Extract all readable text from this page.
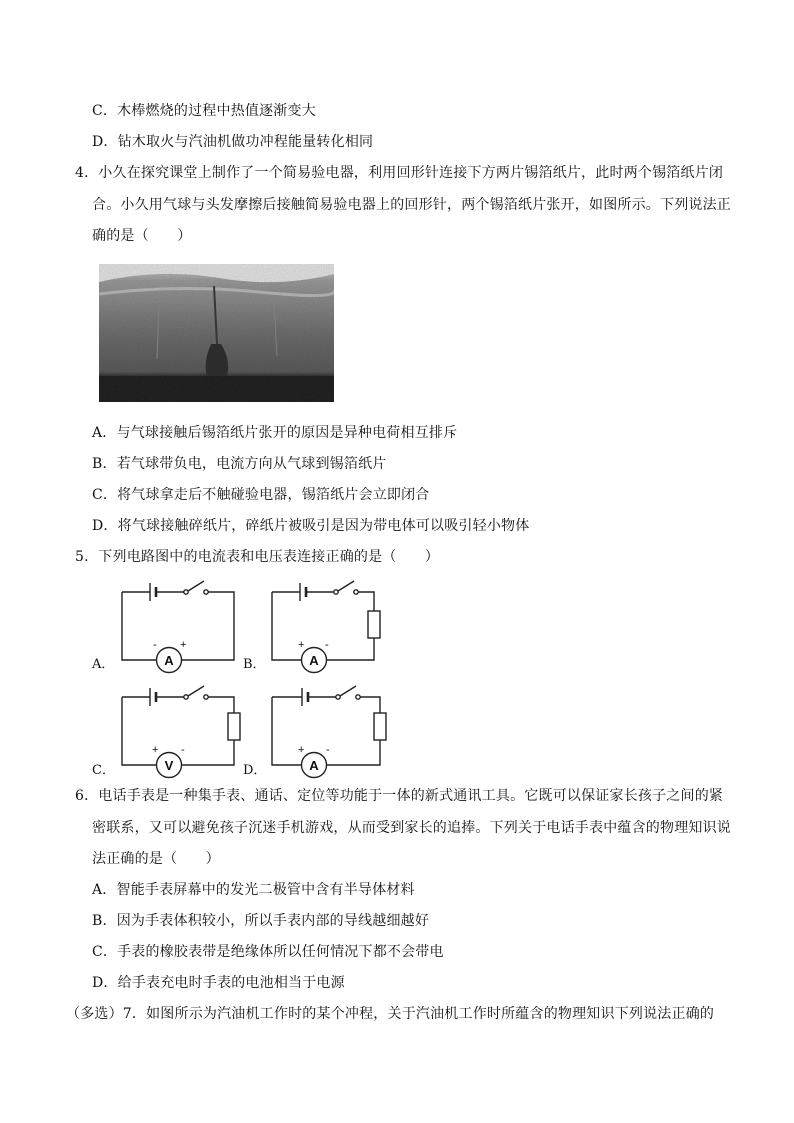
C．木棒燃烧的过程中热值逐渐变大
D．钻木取火与汽油机做功冲程能量转化相同
4．小久在探究课堂上制作了一个简易验电器，利用回形针连接下方两片锡箔纸片，此时两个锡箔纸片闭
合。小久用气球与头发摩擦后接触简易验电器上的回形针，两个锡箔纸片张开，如图所示。下列说法正
确的是（　　）
A．与气球接触后锡箔纸片张开的原因是异种电荷相互排斥
B．若气球带负电，电流方向从气球到锡箔纸片
C．将气球拿走后不触碰验电器，锡箔纸片会立即闭合
D．将气球接触碎纸片，碎纸片被吸引是因为带电体可以吸引轻小物体
5．下列电路图中的电流表和电压表连接正确的是（　　）
A．	A
- +
B．	A
+ -
C．	V
+ -
D．	A
+ -
6．电话手表是一种集手表、通话、定位等功能于一体的新式通讯工具。它既可以保证家长孩子之间的紧
密联系，又可以避免孩子沉迷手机游戏，从而受到家长的追捧。下列关于电话手表中蕴含的物理知识说
法正确的是（　　）
A．智能手表屏幕中的发光二极管中含有半导体材料
B．因为手表体积较小，所以手表内部的导线越细越好
C．手表的橡胶表带是绝缘体所以任何情况下都不会带电
D．给手表充电时手表的电池相当于电源
（多选）7．如图所示为汽油机工作时的某个冲程，关于汽油机工作时所蕴含的物理知识下列说法正确的
